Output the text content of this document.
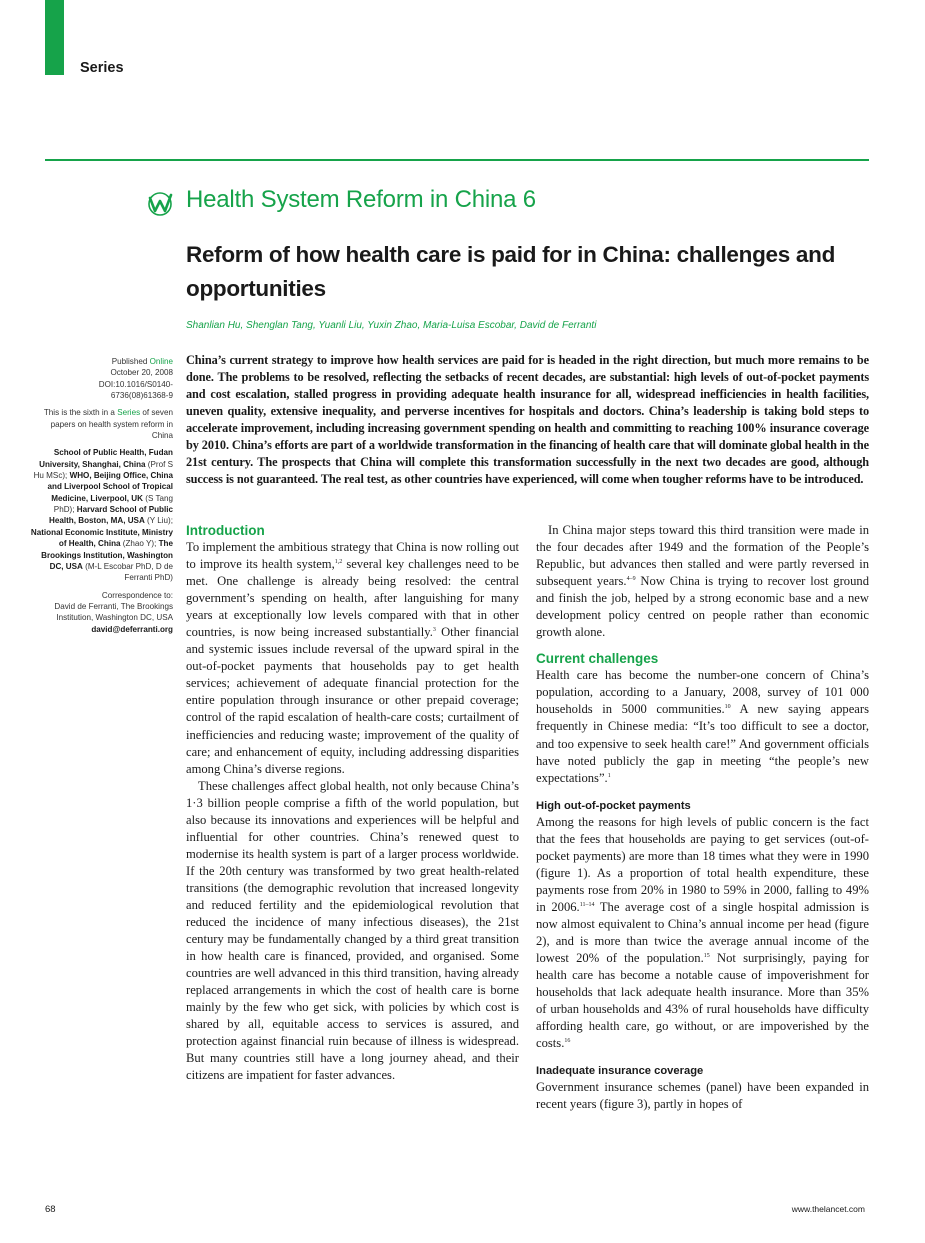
Series
Health System Reform in China 6
Reform of how health care is paid for in China: challenges and opportunities
Shanlian Hu, Shenglan Tang, Yuanli Liu, Yuxin Zhao, Maria-Luisa Escobar, David de Ferranti

Published Online
October 20, 2008
DOI:10.1016/S0140-
6736(08)61368-9

This is the sixth in a Series of seven papers on health system reform in China

School of Public Health, Fudan University, Shanghai, China (Prof S Hu MSc); WHO, Beijing Office, China and Liverpool School of Tropical Medicine, Liverpool, UK (S Tang PhD); Harvard School of Public Health, Boston, MA, USA (Y Liu); National Economic Institute, Ministry of Health, China (Zhao Y); The Brookings Institution, Washington DC, USA (M-L Escobar PhD, D de Ferranti PhD)

Correspondence to:
David de Ferranti, The Brookings Institution, Washington DC, USA
david@deferranti.org

China’s current strategy to improve how health services are paid for is headed in the right direction, but much more remains to be done. The problems to be resolved, reflecting the setbacks of recent decades, are substantial: high levels of out-of-pocket payments and cost escalation, stalled progress in providing adequate health insurance for all, widespread inefficiencies in health facilities, uneven quality, extensive inequality, and perverse incentives for hospitals and doctors. China’s leadership is taking bold steps to accelerate improvement, including increasing government spending on health and committing to reaching 100% insurance coverage by 2010. China’s efforts are part of a worldwide transformation in the financing of health care that will dominate global health in the 21st century. The prospects that China will complete this transformation successfully in the next two decades are good, although success is not guaranteed. The real test, as other countries have experienced, will come when tougher reforms have to be introduced.

Introduction

To implement the ambitious strategy that China is now rolling out to improve its health system,$^{1,2}$ several key challenges need to be met. One challenge is already being resolved: the central government’s spending on health, after languishing for many years at exceptionally low levels compared with that in other countries, is now being increased substantially.$^3$ Other financial and systemic issues include reversal of the upward spiral in the out-of-pocket payments that households pay to get health services; achievement of adequate financial protection for the entire population through insurance or other prepaid coverage; control of the rapid escalation of health-care costs; curtailment of inefficiencies and reducing waste; improvement of the quality of care; and enhancement of equity, including addressing disparities among China’s diverse regions.

These challenges affect global health, not only because China’s 1·3 billion people comprise a fifth of the world population, but also because its innovations and experiences will be helpful and influential for other countries. China’s renewed quest to modernise its health system is part of a larger process worldwide. If the 20th century was transformed by two great health-related transitions (the demographic revolution that increased longevity and reduced fertility and the epidemiological revolution that reduced the incidence of many infectious diseases), the 21st century may be fundamentally changed by a third great transition in how health care is financed, provided, and organised. Some countries are well advanced in this third transition, having already replaced arrangements in which the cost of health care is borne mainly by the few who get sick, with policies by which cost is shared by all, equitable access to services is assured, and protection against financial ruin because of illness is widespread. But many countries still have a long journey ahead, and their citizens are impatient for faster advances.

In China major steps toward this third transition were made in the four decades after 1949 and the formation of the People’s Republic, but advances then stalled and were partly reversed in subsequent years.$^{4-9}$ Now China is trying to recover lost ground and finish the job, helped by a strong economic base and a new development policy centred on people rather than economic growth alone.

Current challenges

Health care has become the number-one concern of China’s population, according to a January, 2008, survey of 101 000 households in 5000 communities.$^{10}$ A new saying appears frequently in Chinese media: “It’s too difficult to see a doctor, and too expensive to seek health care!” And government officials have noted publicly the gap in meeting “the people’s new expectations”.$^1$

High out-of-pocket payments

Among the reasons for high levels of public concern is the fact that the fees that households are paying to get services (out-of-pocket payments) are more than 18 times what they were in 1990 (figure 1). As a proportion of total health expenditure, these payments rose from 20% in 1980 to 59% in 2000, falling to 49% in 2006.$^{11-14}$ The average cost of a single hospital admission is now almost equivalent to China’s annual income per head (figure 2), and is more than twice the average annual income of the lowest 20% of the population.$^{15}$ Not surprisingly, paying for health care has become a notable cause of impoverishment for households that lack adequate health insurance. More than 35% of urban households and 43% of rural households have difficulty affording health care, go without, or are impoverished by the costs.$^{16}$

Inadequate insurance coverage

Government insurance schemes (panel) have been expanded in recent years (figure 3), partly in hopes of

68	www.thelancet.com
